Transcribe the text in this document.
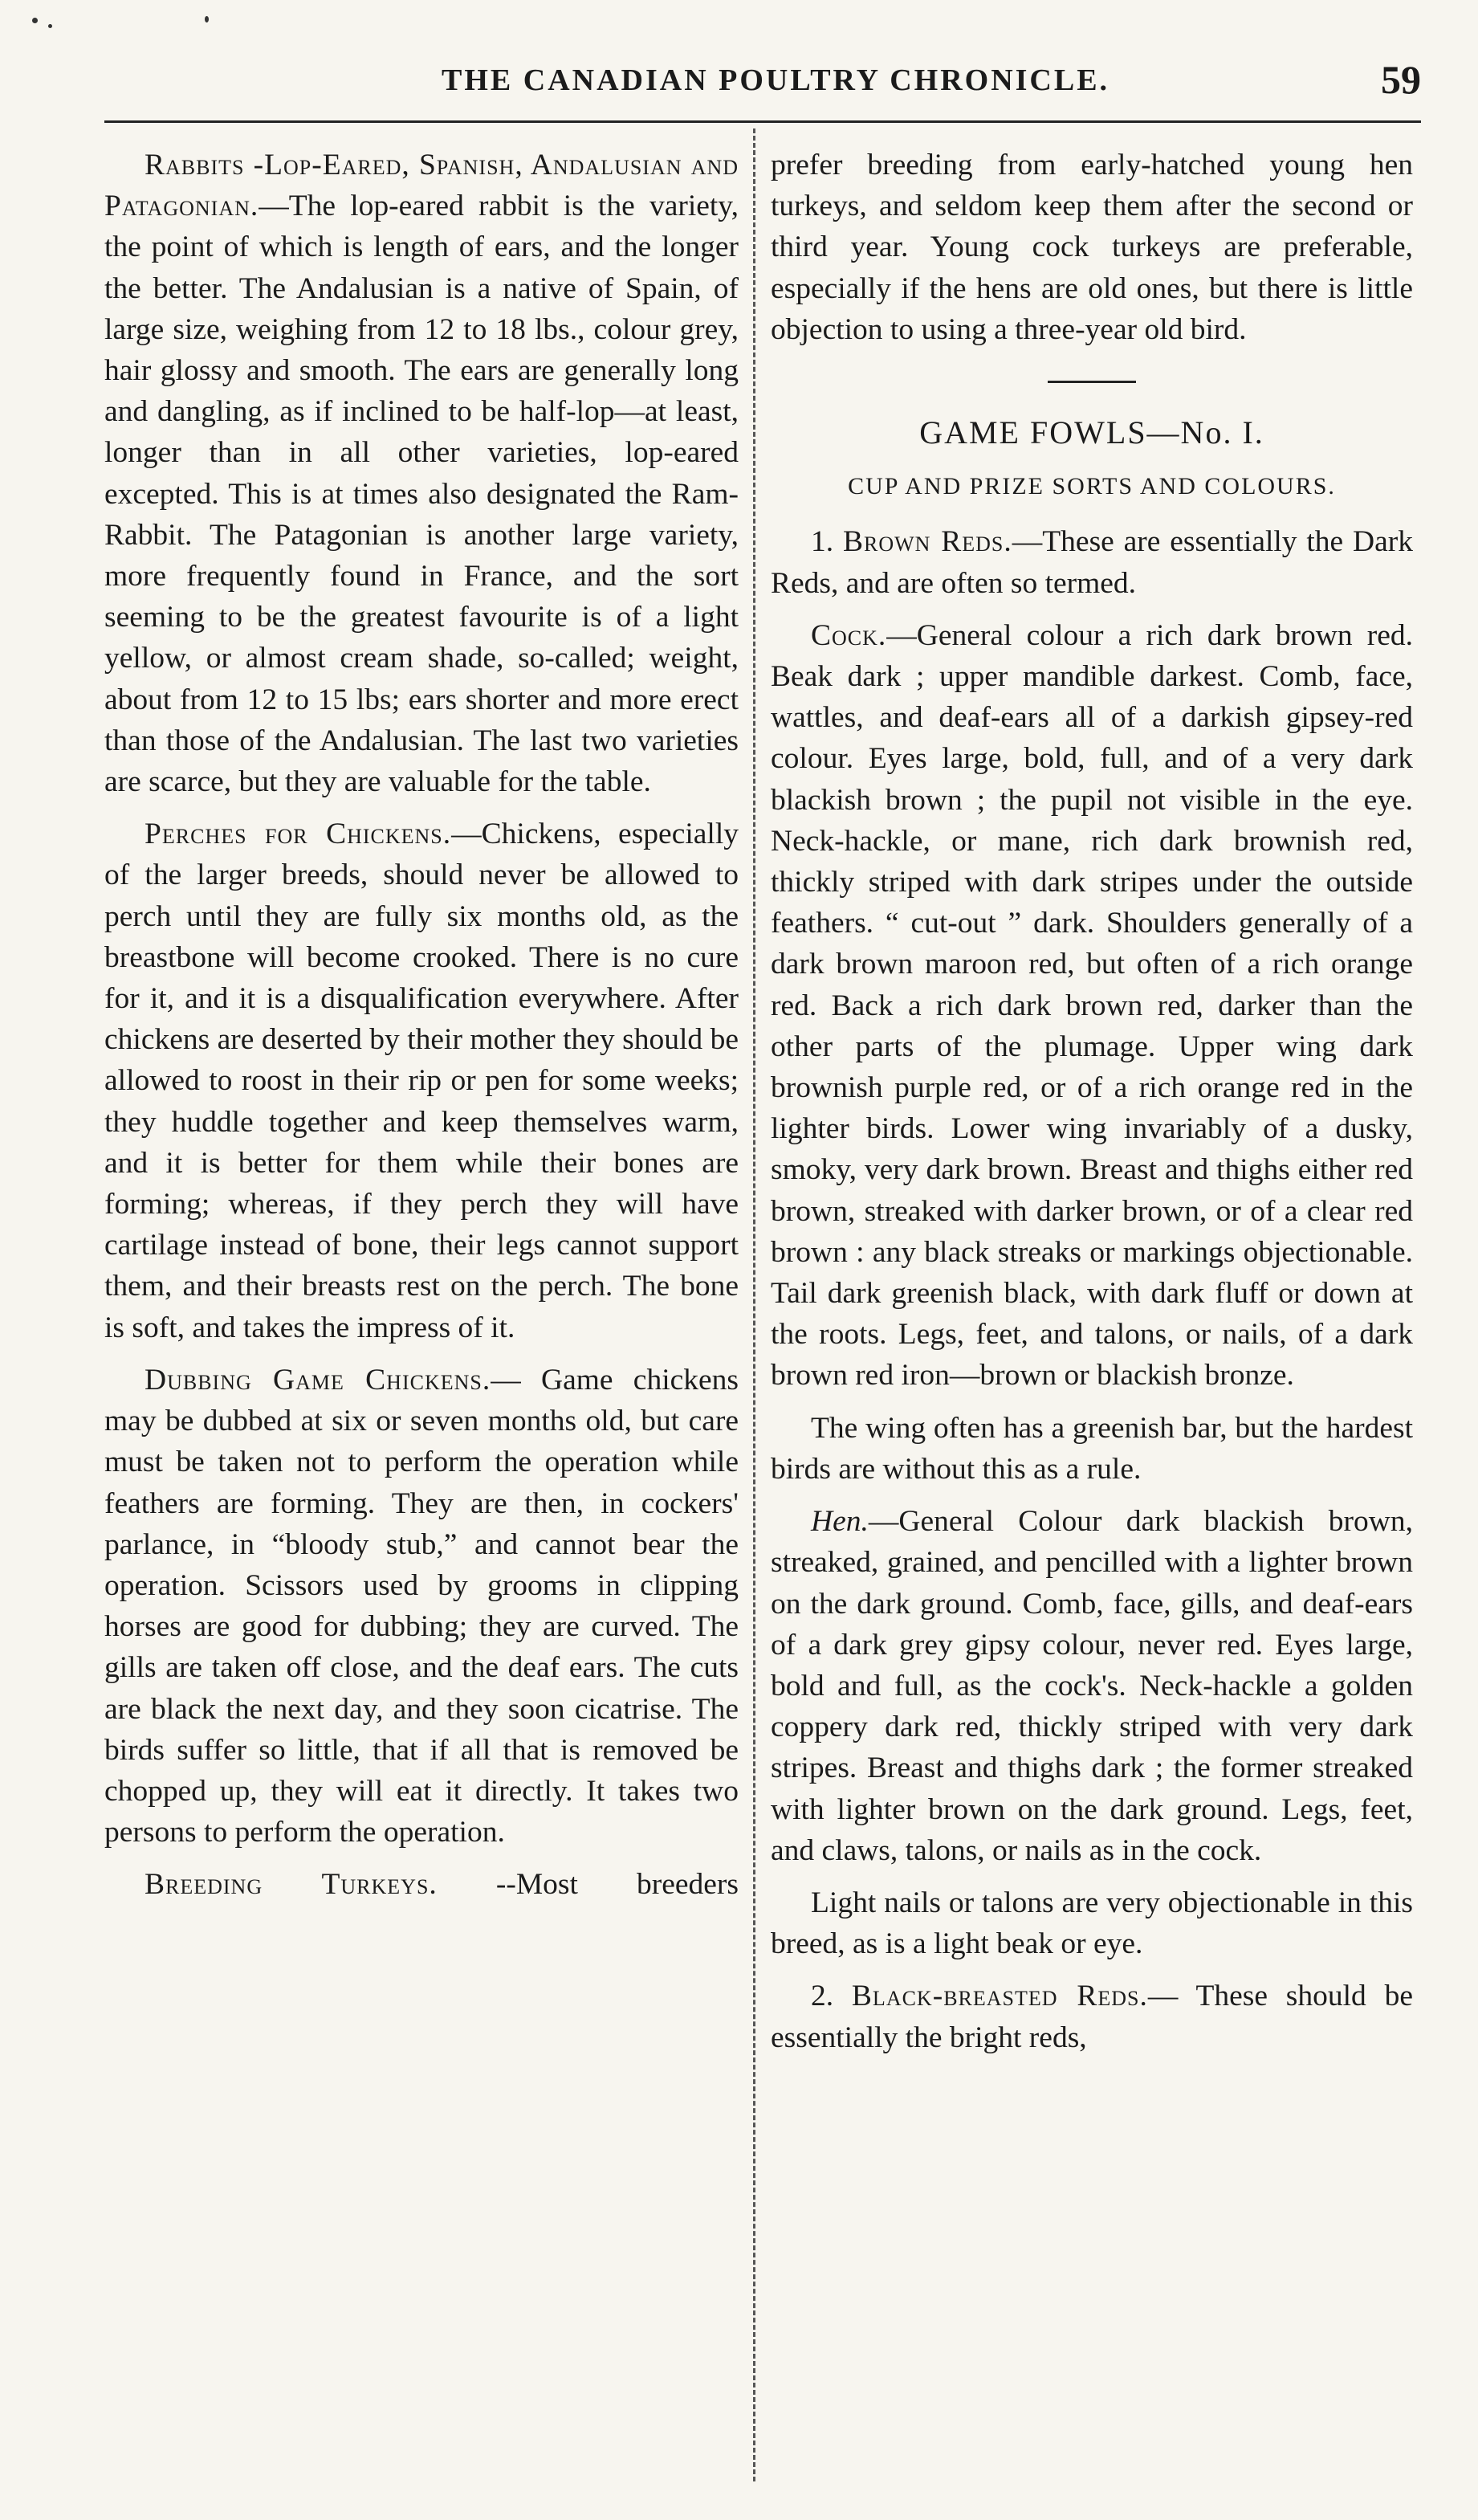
THE CANADIAN POULTRY CHRONICLE.	59

Rabbits -Lop-Eared, Spanish, Andalusian and Patagonian.—The lop-eared rabbit is the variety, the point of which is length of ears, and the longer the better. The Andalusian is a native of Spain, of large size, weighing from 12 to 18 lbs., colour grey, hair glossy and smooth. The ears are generally long and dangling, as if inclined to be half-lop—at least, longer than in all other varieties, lop-eared excepted. This is at times also designated the Ram-Rabbit. The Patagonian is another large variety, more frequently found in France, and the sort seeming to be the greatest favourite is of a light yellow, or almost cream shade, so-called; weight, about from 12 to 15 lbs; ears shorter and more erect than those of the Andalusian. The last two varieties are scarce, but they are valuable for the table.

Perches for Chickens.—Chickens, especially of the larger breeds, should never be allowed to perch until they are fully six months old, as the breastbone will become crooked. There is no cure for it, and it is a disqualification everywhere. After chickens are deserted by their mother they should be allowed to roost in their rip or pen for some weeks; they huddle together and keep themselves warm, and it is better for them while their bones are forming; whereas, if they perch they will have cartilage instead of bone, their legs cannot support them, and their breasts rest on the perch. The bone is soft, and takes the impress of it.

Dubbing Game Chickens.— Game chickens may be dubbed at six or seven months old, but care must be taken not to perform the operation while feathers are forming. They are then, in cockers' parlance, in “bloody stub,” and cannot bear the operation. Scissors used by grooms in clipping horses are good for dubbing; they are curved. The gills are taken off close, and the deaf ears. The cuts are black the next day, and they soon cicatrise. The birds suffer so little, that if all that is removed be chopped up, they will eat it directly. It takes two persons to perform the operation.

Breeding Turkeys. --Most breeders

prefer breeding from early-hatched young hen turkeys, and seldom keep them after the second or third year. Young cock turkeys are preferable, especially if the hens are old ones, but there is little objection to using a three-year old bird.

GAME FOWLS—No. I.
CUP AND PRIZE SORTS AND COLOURS.

1. Brown Reds.—These are essentially the Dark Reds, and are often so termed.

Cock.—General colour a rich dark brown red. Beak dark ; upper mandible darkest. Comb, face, wattles, and deaf-ears all of a darkish gipsey-red colour. Eyes large, bold, full, and of a very dark blackish brown ; the pupil not visible in the eye. Neck-hackle, or mane, rich dark brownish red, thickly striped with dark stripes under the outside feathers. “ cut-out ” dark. Shoulders generally of a dark brown maroon red, but often of a rich orange red. Back a rich dark brown red, darker than the other parts of the plumage. Upper wing dark brownish purple red, or of a rich orange red in the lighter birds. Lower wing invariably of a dusky, smoky, very dark brown. Breast and thighs either red brown, streaked with darker brown, or of a clear red brown : any black streaks or markings objectionable. Tail dark greenish black, with dark fluff or down at the roots. Legs, feet, and talons, or nails, of a dark brown red iron—brown or blackish bronze.

The wing often has a greenish bar, but the hardest birds are without this as a rule.

Hen.—General Colour dark blackish brown, streaked, grained, and pencilled with a lighter brown on the dark ground. Comb, face, gills, and deaf-ears of a dark grey gipsy colour, never red. Eyes large, bold and full, as the cock's. Neck-hackle a golden coppery dark red, thickly striped with very dark stripes. Breast and thighs dark ; the former streaked with lighter brown on the dark ground. Legs, feet, and claws, talons, or nails as in the cock.

Light nails or talons are very objectionable in this breed, as is a light beak or eye.

2. Black-breasted Reds.— These should be essentially the bright reds,
